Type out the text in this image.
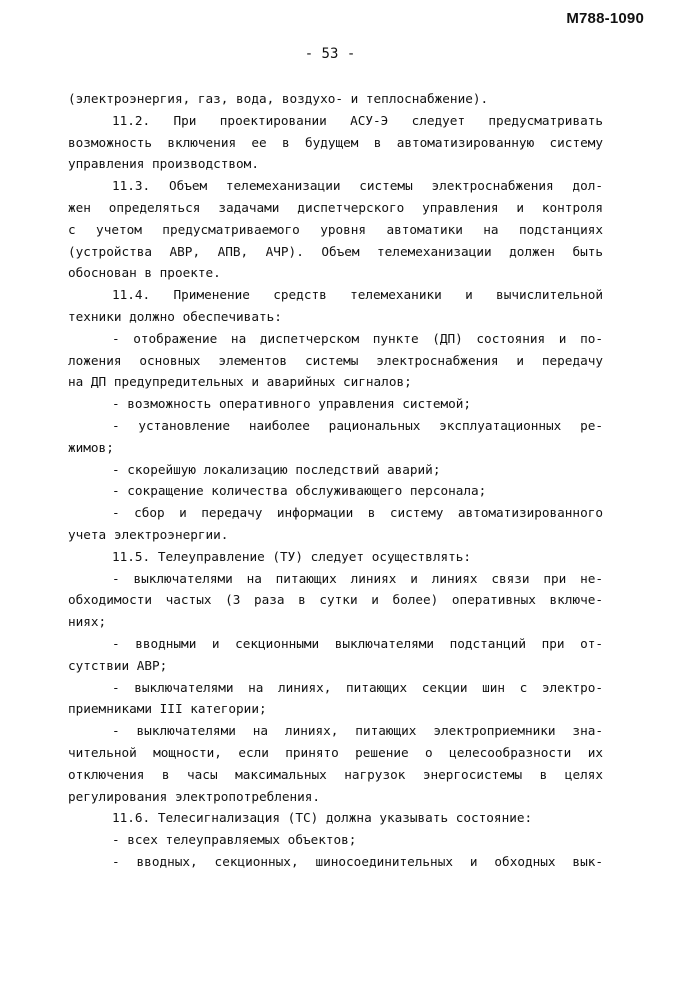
М788-1090
- 53 -
(электроэнергия, газ, вода, воздухо- и теплоснабжение).
11.2. При проектировании АСУ-Э следует предусматривать
возможность включения ее в будущем в автоматизированную систему
управления производством.
11.3. Объем телемеханизации системы электроснабжения дол-
жен определяться задачами диспетчерского управления и контроля
с учетом предусматриваемого уровня автоматики на подстанциях
(устройства АВР, АПВ, АЧР). Объем телемеханизации должен быть
обоснован в проекте.
11.4. Применение средств телемеханики и вычислительной
техники должно обеспечивать:
- отображение на диспетчерском пункте (ДП) состояния и по-
ложения основных элементов системы электроснабжения и передачу
на ДП предупредительных и аварийных сигналов;
- возможность оперативного управления системой;
- установление наиболее рациональных эксплуатационных ре-
жимов;
- скорейшую локализацию последствий аварий;
- сокращение количества обслуживающего персонала;
- сбор и передачу информации в систему автоматизированного
учета электроэнергии.
11.5. Телеуправление (ТУ) следует осуществлять:
- выключателями на питающих линиях и линиях связи при не-
обходимости частых (3 раза в сутки и более) оперативных включе-
ниях;
- вводными и секционными выключателями подстанций при от-
сутствии АВР;
- выключателями на линиях, питающих секции шин с электро-
приемниками III категории;
- выключателями на линиях, питающих электроприемники зна-
чительной мощности, если принято решение о целесообразности их
отключения в часы максимальных нагрузок энергосистемы в целях
регулирования электропотребления.
11.6. Телесигнализация (ТС) должна указывать состояние:
- всех телеуправляемых объектов;
- вводных, секционных, шиносоединительных и обходных вык-
